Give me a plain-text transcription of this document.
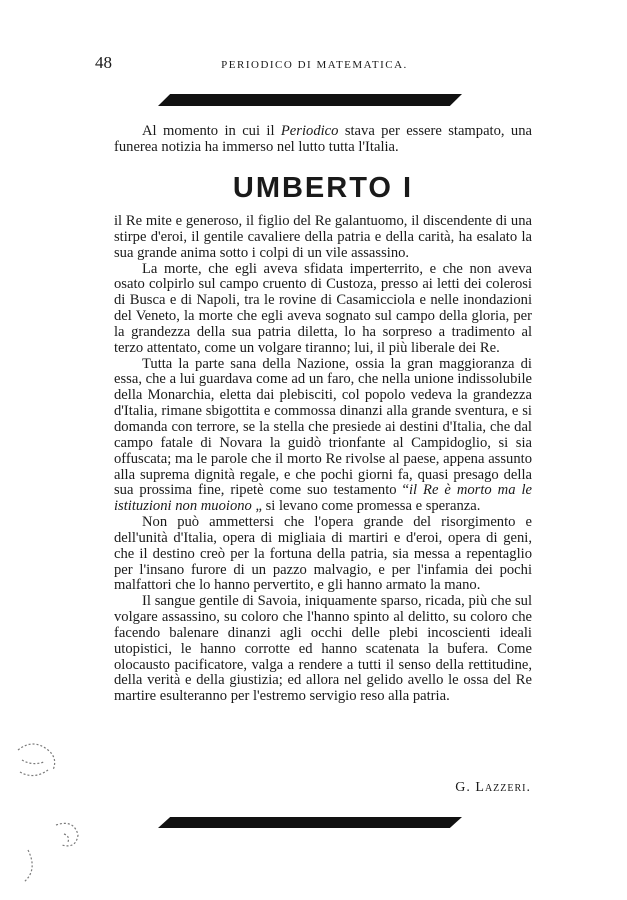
48	PERIODICO DI MATEMATICA.

Al momento in cui il Periodico stava per essere stampato, una funerea notizia ha immerso nel lutto tutta l'Italia.

UMBERTO I

il Re mite e generoso, il figlio del Re galantuomo, il discendente di una stirpe d'eroi, il gentile cavaliere della patria e della carità, ha esalato la sua grande anima sotto i colpi di un vile assassino.

La morte, che egli aveva sfidata imperterrito, e che non aveva osato colpirlo sul campo cruento di Custoza, presso ai letti dei colerosi di Busca e di Napoli, tra le rovine di Casamicciola e nelle inondazioni del Veneto, la morte che egli aveva sognato sul campo della gloria, per la grandezza della sua patria diletta, lo ha sorpreso a tradimento al terzo attentato, come un volgare tiranno; lui, il più liberale dei Re.

Tutta la parte sana della Nazione, ossia la gran maggioranza di essa, che a lui guardava come ad un faro, che nella unione indissolubile della Monarchia, eletta dai plebisciti, col popolo vedeva la grandezza d'Italia, rimane sbigottita e commossa dinanzi alla grande sventura, e si domanda con terrore, se la stella che presiede ai destini d'Italia, che dal campo fatale di Novara la guidò trionfante al Campidoglio, si sia offuscata; ma le parole che il morto Re rivolse al paese, appena assunto alla suprema dignità regale, e che pochi giorni fa, quasi presago della sua prossima fine, ripetè come suo testamento “il Re è morto ma le istituzioni non muoiono „ si levano come promessa e speranza.

Non può ammettersi che l'opera grande del risorgimento e dell'unità d'Italia, opera di migliaia di martiri e d'eroi, opera di geni, che il destino creò per la fortuna della patria, sia messa a repentaglio per l'insano furore di un pazzo malvagio, e per l'infamia dei pochi malfattori che lo hanno pervertito, e gli hanno armato la mano.

Il sangue gentile di Savoia, iniquamente sparso, ricada, più che sul volgare assassino, su coloro che l'hanno spinto al delitto, su coloro che facendo balenare dinanzi agli occhi delle plebi incoscienti ideali utopistici, le hanno corrotte ed hanno scatenata la bufera. Come olocausto pacificatore, valga a rendere a tutti il senso della rettitudine, della verità e della giustizia; ed allora nel gelido avello le ossa del Re martire esulteranno per l'estremo servigio reso alla patria.

G. Lazzeri.
